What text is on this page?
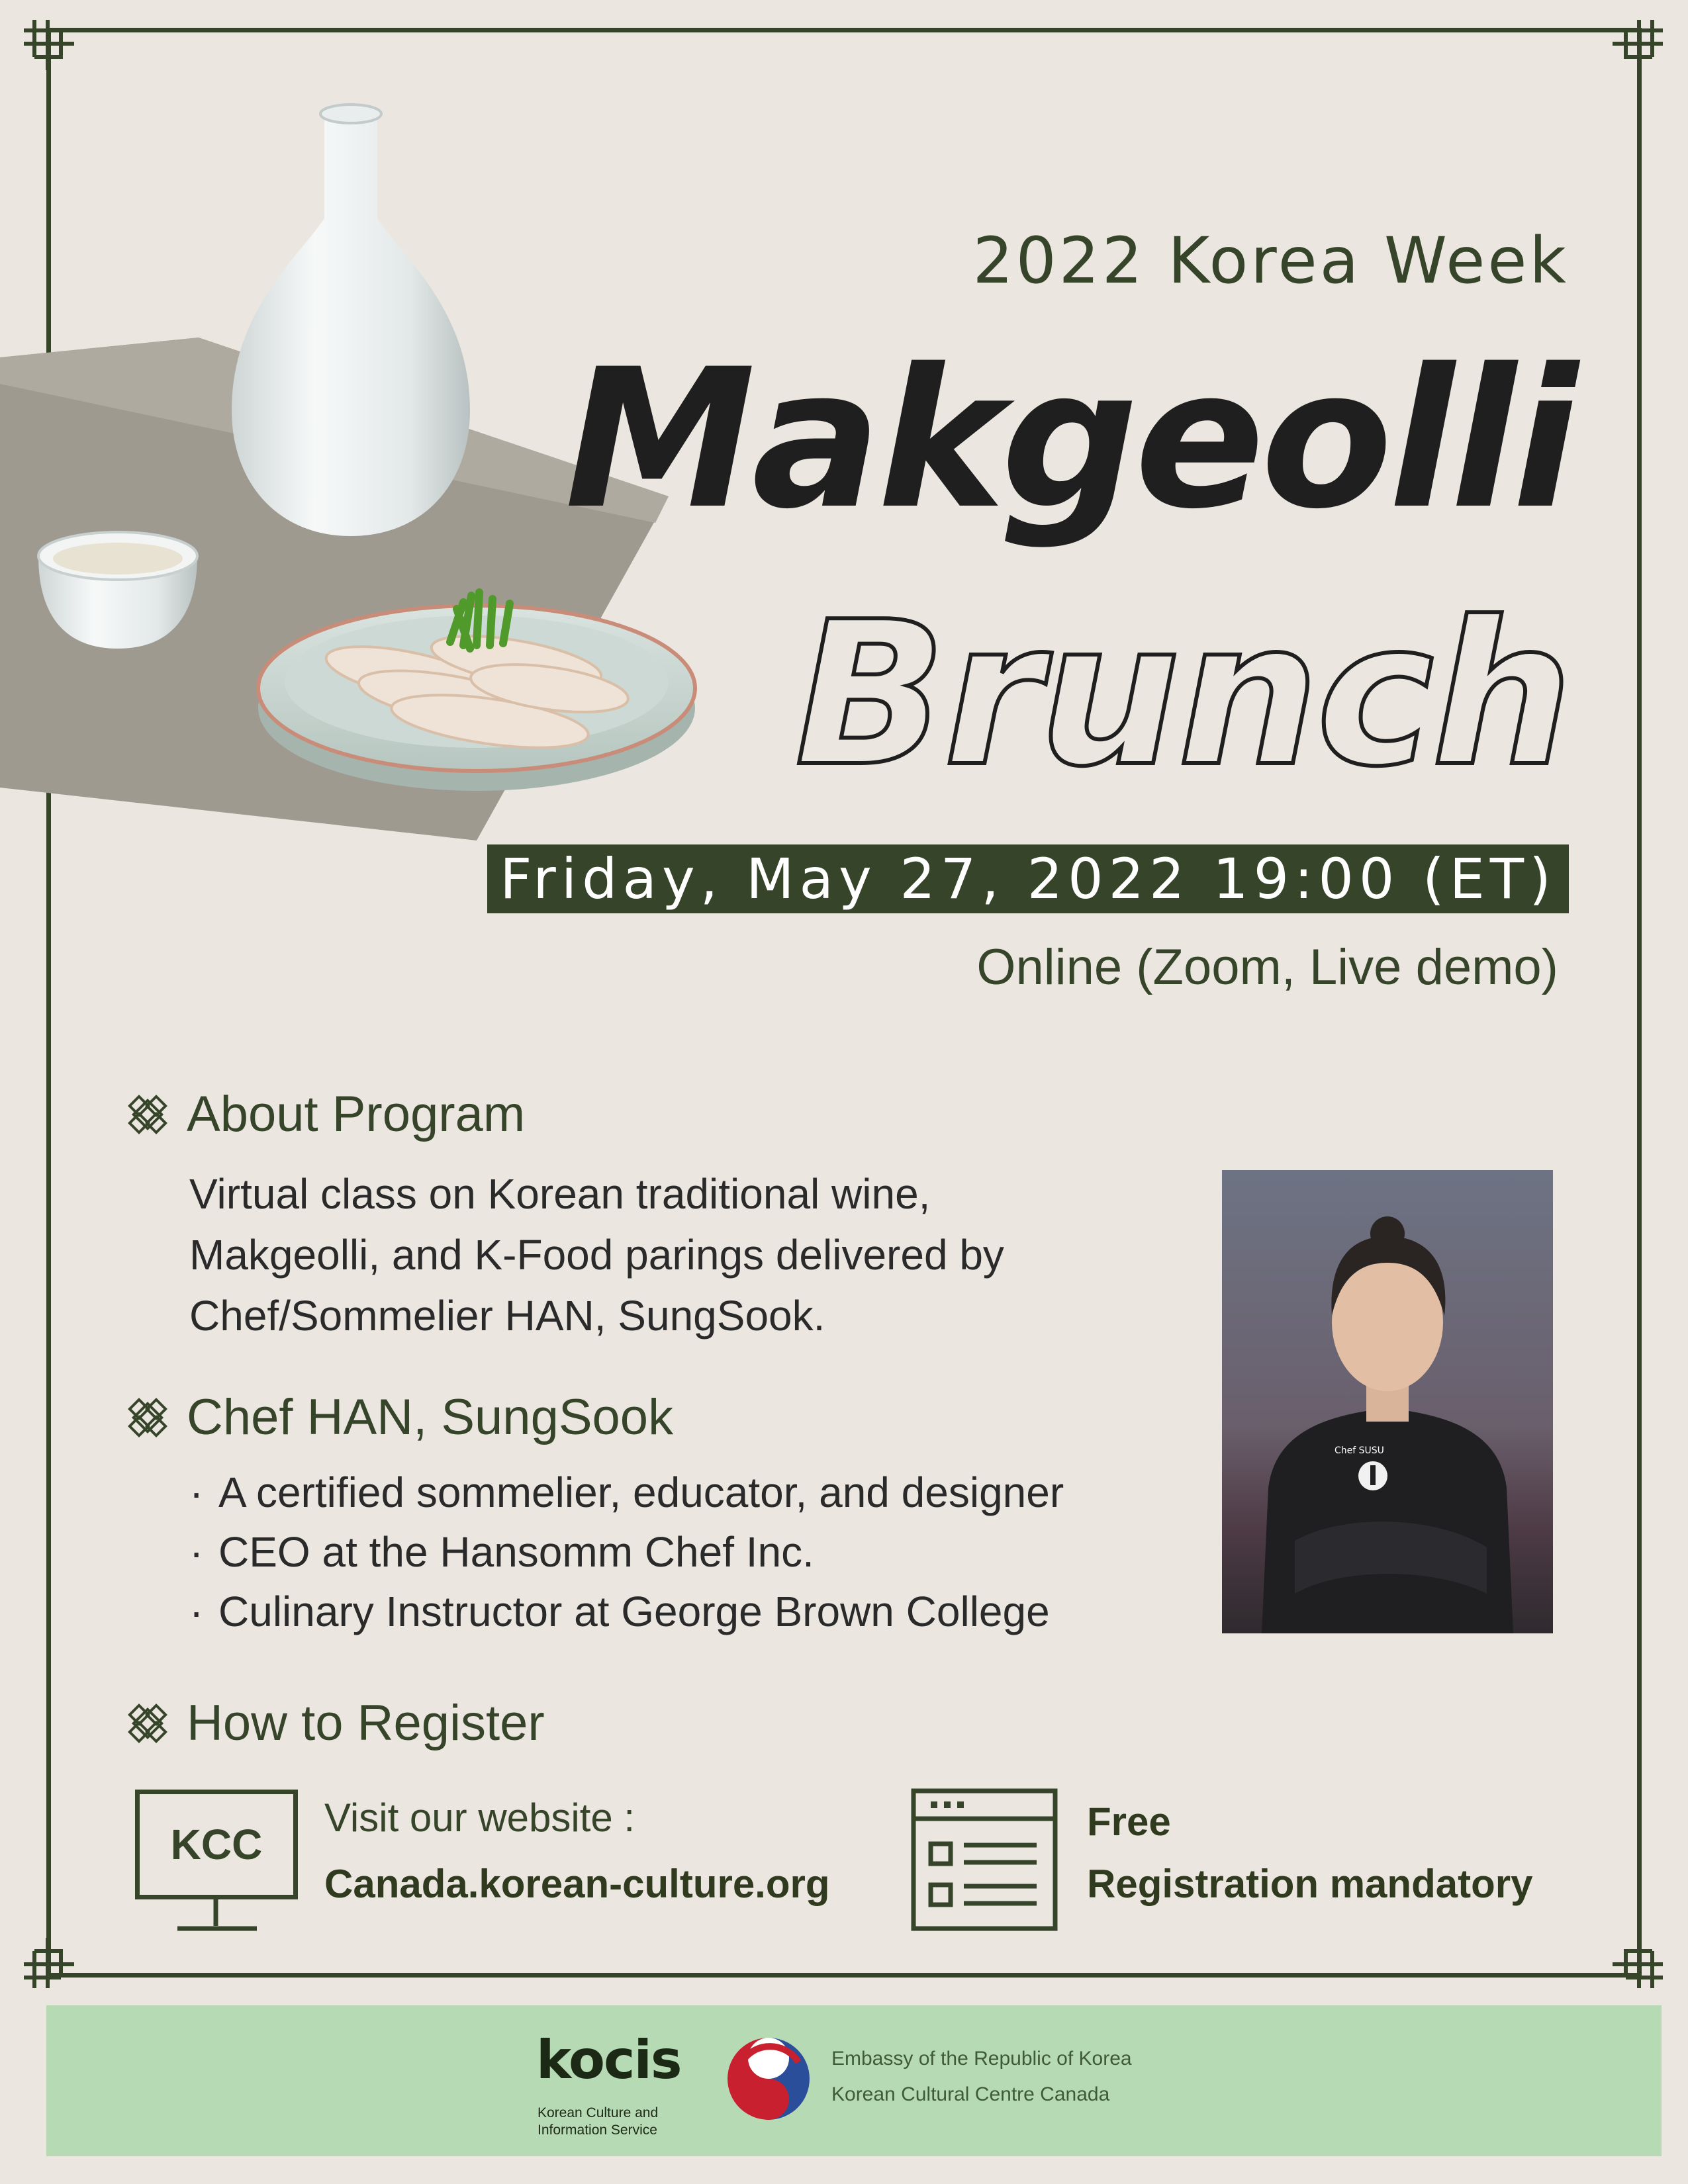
2022 Korea Week
Makgeolli
Brunch
Friday, May 27, 2022 19:00 (ET)
Online (Zoom, Live demo)
About Program
Virtual class on Korean traditional wine,
Makgeolli, and K-Food parings delivered by
Chef/Sommelier HAN, SungSook.
Chef HAN, SungSook
· A certified sommelier, educator, and designer
· CEO at the Hansomm Chef Inc.
· Culinary Instructor at George Brown College
Chef SUSU
How to Register
KCC
Visit our website :
Canada.korean-culture.org
Free
Registration mandatory
kocis
Korean Culture and
Information Service
Embassy of the Republic of Korea
Korean Cultural Centre Canada
